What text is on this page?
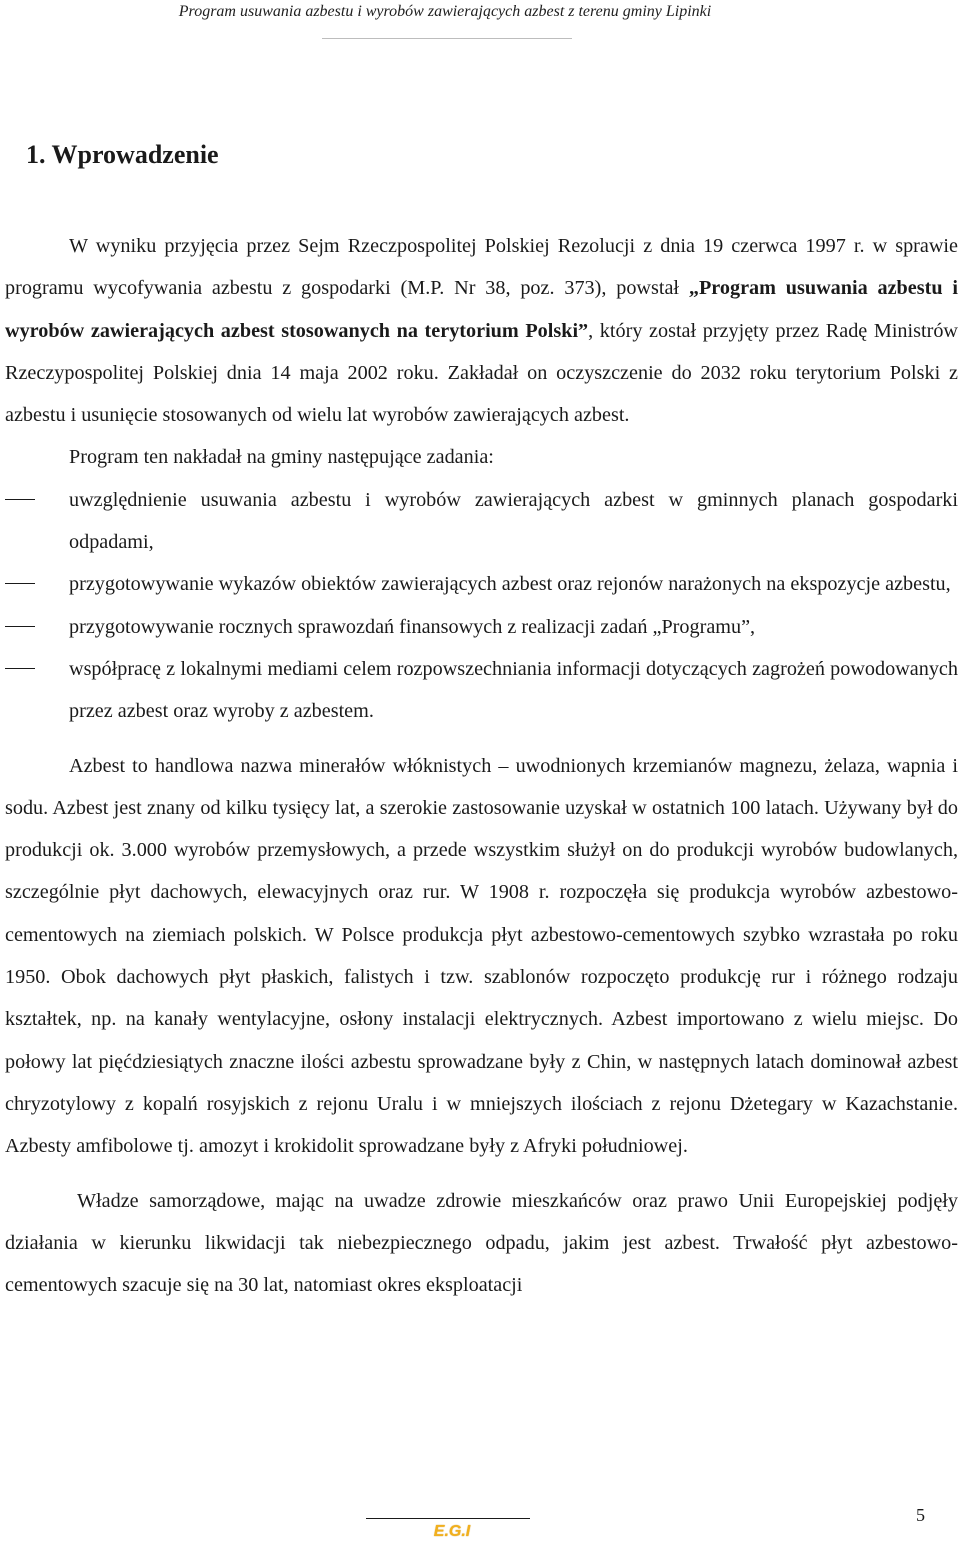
Program usuwania azbestu i wyrobów zawierających azbest z terenu gminy Lipinki
1. Wprowadzenie

W wyniku przyjęcia przez Sejm Rzeczpospolitej Polskiej Rezolucji z dnia 19 czerwca 1997 r. w sprawie programu wycofywania azbestu z gospodarki (M.P. Nr 38, poz. 373), powstał „Program usuwania azbestu i wyrobów zawierających azbest stosowanych na terytorium Polski”, który został przyjęty przez Radę Ministrów Rzeczypospolitej Polskiej dnia 14 maja 2002 roku. Zakładał on oczyszczenie do 2032 roku terytorium Polski z azbestu i usunięcie stosowanych od wielu lat wyrobów zawierających azbest.

Program ten nakładał na gminy następujące zadania:

uwzględnienie usuwania azbestu i wyrobów zawierających azbest w gminnych planach gospodarki odpadami,
przygotowywanie wykazów obiektów zawierających azbest oraz rejonów narażonych na ekspozycje azbestu,
przygotowywanie rocznych sprawozdań finansowych z realizacji zadań „Programu”,
współpracę z lokalnymi mediami celem rozpowszechniania informacji dotyczących zagrożeń powodowanych przez azbest oraz wyroby z azbestem.

Azbest to handlowa nazwa minerałów włóknistych – uwodnionych krzemianów magnezu, żelaza, wapnia i sodu. Azbest jest znany od kilku tysięcy lat, a szerokie zastosowanie uzyskał w ostatnich 100 latach. Używany był do produkcji ok. 3.000 wyrobów przemysłowych, a przede wszystkim służył on do produkcji wyrobów budowlanych, szczególnie płyt dachowych, elewacyjnych oraz rur. W 1908 r. rozpoczęła się produkcja wyrobów azbestowo-cementowych na ziemiach polskich. W Polsce produkcja płyt azbestowo-cementowych szybko wzrastała po roku 1950. Obok dachowych płyt płaskich, falistych i tzw. szablonów rozpoczęto produkcję rur i różnego rodzaju kształtek, np. na kanały wentylacyjne, osłony instalacji elektrycznych. Azbest importowano z wielu miejsc. Do połowy lat pięćdziesiątych znaczne ilości azbestu sprowadzane były z Chin, w następnych latach dominował azbest chryzotylowy z kopalń rosyjskich z rejonu Uralu i w mniejszych ilościach z rejonu Dżetegary w Kazachstanie. Azbesty amfibolowe tj. amozyt i krokidolit sprowadzane były z Afryki południowej.

Władze samorządowe, mając na uwadze zdrowie mieszkańców oraz prawo Unii Europejskiej podjęły działania w kierunku likwidacji tak niebezpiecznego odpadu, jakim jest azbest. Trwałość płyt azbestowo-cementowych szacuje się na 30 lat, natomiast okres eksploatacji

E.G.I
5
